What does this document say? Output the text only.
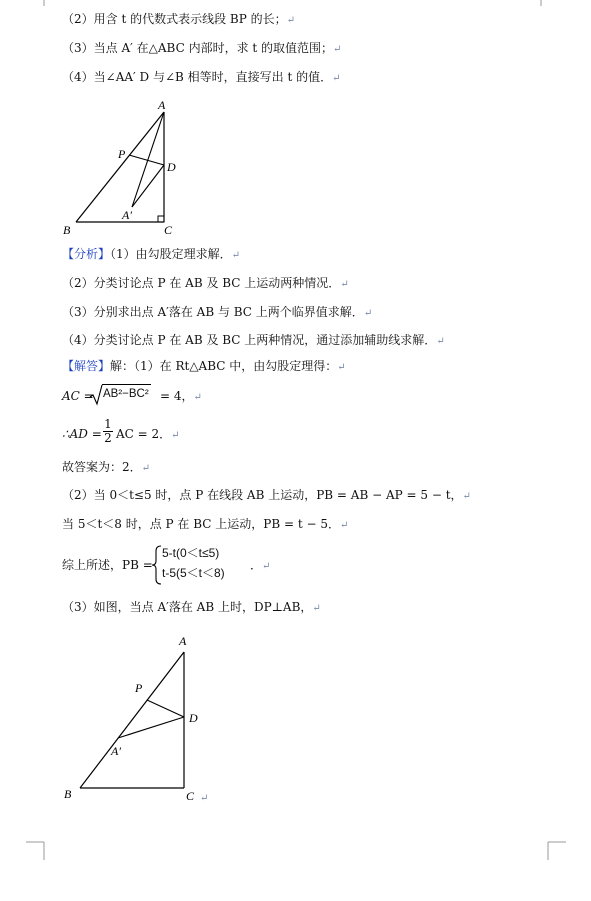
（2）用含 t 的代数式表示线段 BP 的长；↵
（3）当点 A′ 在△ABC 内部时，求 t 的取值范围；↵
（4）当∠AA′ D 与∠B 相等时，直接写出 t 的值．↵
A
P
D
A′
B	C
【分析】（1）由勾股定理求解．↵
（2）分类讨论点 P 在 AB 及 BC 上运动两种情况．↵
（3）分别求出点 A′落在 AB 与 BC 上两个临界值求解．↵
（4）分类讨论点 P 在 AB 及 BC 上两种情况，通过添加辅助线求解．↵
【解答】解：（1）在 Rt△ABC 中，由勾股定理得：↵
AC = AB²−BC² = 4，↵
∴AD =
1
2 AC = 2．↵
故答案为：2．↵
（2）当 0＜t≤5 时，点 P 在线段 AB 上运动，PB = AB − AP = 5 − t，↵
当 5＜t＜8 时，点 P 在 BC 上运动，PB = t − 5．↵
综上所述，PB =
5-t(0＜t≤5)
t-5(5＜t＜8)
．↵
（3）如图，当点 A′落在 AB 上时，DP⊥AB，↵
A
P
D
A′
B	C ↵
